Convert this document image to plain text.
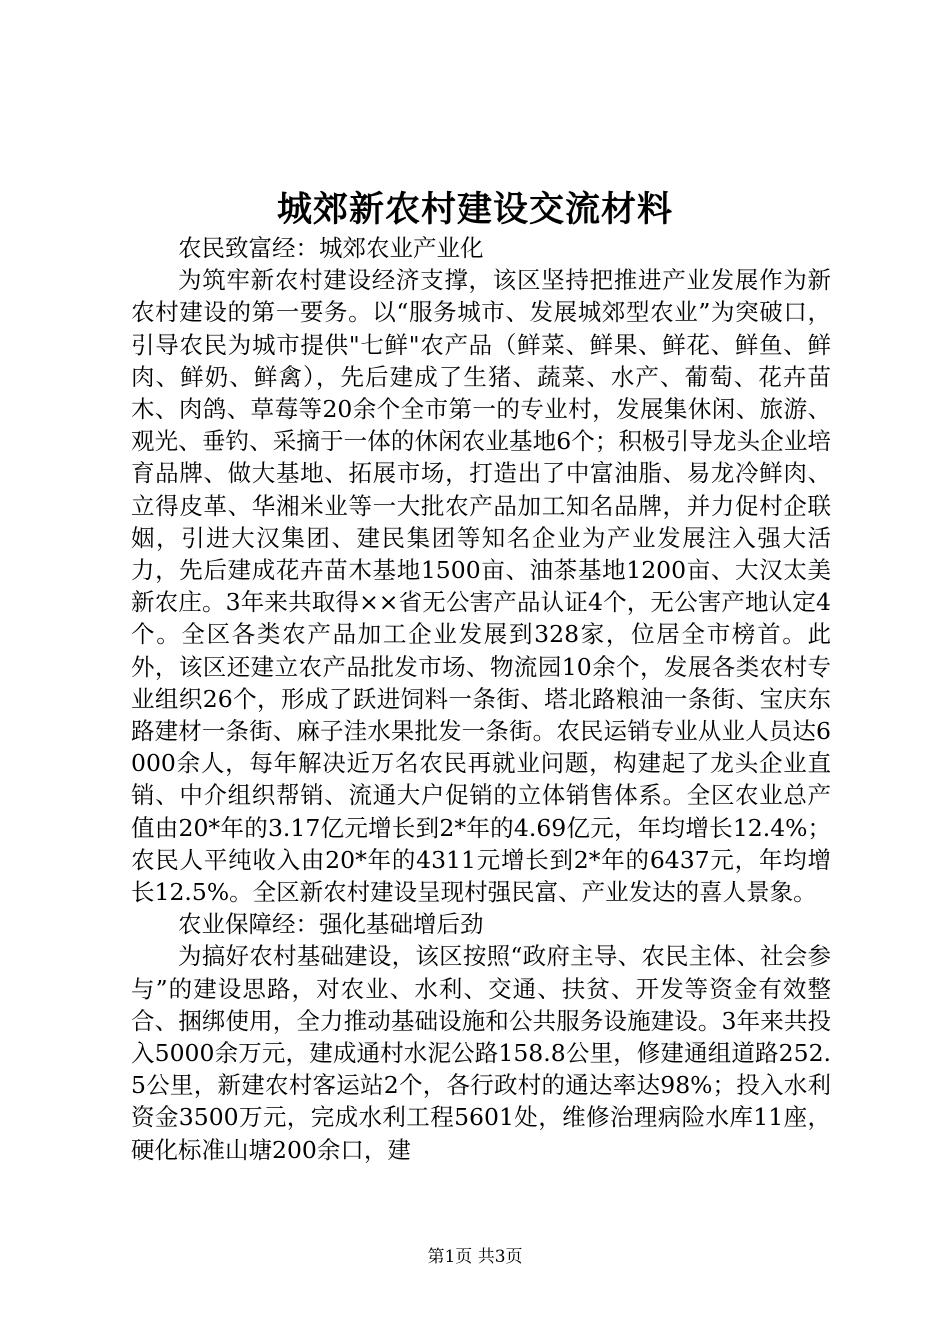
城郊新农村建设交流材料

农民致富经：城郊农业产业化

为筑牢新农村建设经济支撑，该区坚持把推进产业发展作为新农村建设的第一要务。以“服务城市、发展城郊型农业”为突破口，引导农民为城市提供"七鲜"农产品（鲜菜、鲜果、鲜花、鲜鱼、鲜肉、鲜奶、鲜禽），先后建成了生猪、蔬菜、水产、葡萄、花卉苗木、肉鸽、草莓等20余个全市第一的专业村，发展集休闲、旅游、观光、垂钓、采摘于一体的休闲农业基地6个；积极引导龙头企业培育品牌、做大基地、拓展市场，打造出了中富油脂、易龙冷鲜肉、立得皮革、华湘米业等一大批农产品加工知名品牌，并力促村企联姻，引进大汉集团、建民集团等知名企业为产业发展注入强大活力，先后建成花卉苗木基地1500亩、油茶基地1200亩、大汉太美新农庄。3年来共取得××省无公害产品认证4个，无公害产地认定4个。全区各类农产品加工企业发展到328家，位居全市榜首。此外，该区还建立农产品批发市场、物流园10余个，发展各类农村专业组织26个，形成了跃进饲料一条街、塔北路粮油一条街、宝庆东路建材一条街、麻子洼水果批发一条街。农民运销专业从业人员达6000余人，每年解决近万名农民再就业问题，构建起了龙头企业直销、中介组织帮销、流通大户促销的立体销售体系。全区农业总产值由20*年的3.17亿元增长到2*年的4.69亿元，年均增长12.4%；农民人平纯收入由20*年的4311元增长到2*年的6437元，年均增长12.5%。全区新农村建设呈现村强民富、产业发达的喜人景象。

农业保障经：强化基础增后劲

为搞好农村基础建设，该区按照“政府主导、农民主体、社会参与”的建设思路，对农业、水利、交通、扶贫、开发等资金有效整合、捆绑使用，全力推动基础设施和公共服务设施建设。3年来共投入5000余万元，建成通村水泥公路158.8公里，修建通组道路252.5公里，新建农村客运站2个，各行政村的通达率达98%；投入水利资金3500万元，完成水利工程5601处，维修治理病险水库11座，硬化标准山塘200余口，建

第1页 共3页
